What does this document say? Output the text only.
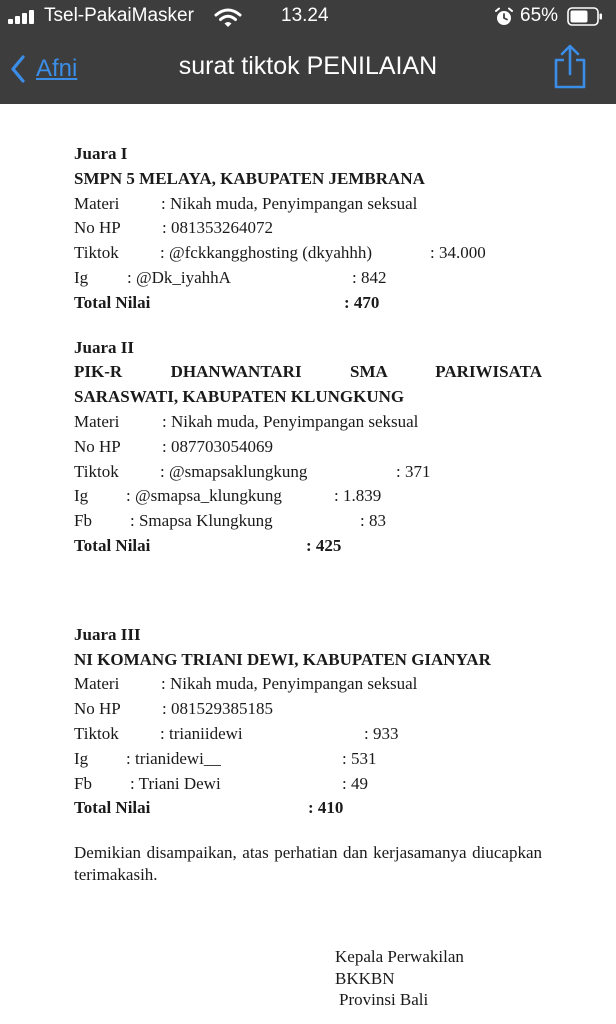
Tsel-PakaiMasker	13.24	65%
Afni	surat tiktok PENILAIAN
Juara I
SMPN 5 MELAYA, KABUPATEN JEMBRANA
Materi : Nikah muda, Penyimpangan seksual
No HP : 081353264072
Tiktok : @fckkangghosting (dkyahhh)	: 34.000
Ig : @Dk_iyahhA	: 842
Total Nilai	: 470
Juara II
PIK-R DHANWANTARI SMA PARIWISATA
SARASWATI, KABUPATEN KLUNGKUNG
Materi	: Nikah muda, Penyimpangan seksual
No HP : 087703054069
Tiktok : @smapsaklungkung	: 371
Ig : @smapsa_klungkung	: 1.839
Fb : Smapsa Klungkung	: 83
Total Nilai	: 425
Juara III
NI KOMANG TRIANI DEWI, KABUPATEN GIANYAR
Materi : Nikah muda, Penyimpangan seksual
No HP : 081529385185
Tiktok : trianiidewi	: 933
Ig : trianidewi__	: 531
Fb : Triani Dewi	: 49
Total Nilai	: 410
Demikian disampaikan, atas perhatian dan kerjasamanya diucapkan terimakasih.
Kepala Perwakilan
BKKBN
Provinsi Bali
